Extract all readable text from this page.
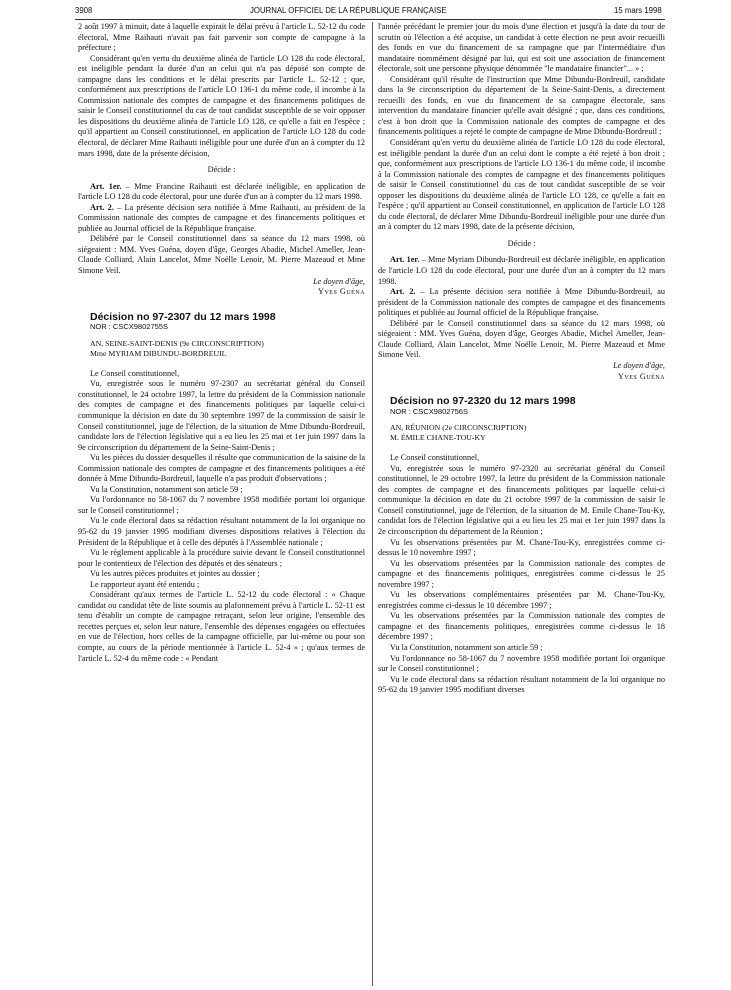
3908	JOURNAL OFFICIEL DE LA RÉPUBLIQUE FRANÇAISE	15 mars 1998

2 août 1997 à minuit, date à laquelle expirait le délai prévu à l'article L. 52-12 du code électoral, Mme Raihauti n'avait pas fait parvenir son compte de campagne à la préfecture ;

Considérant qu'en vertu du deuxième alinéa de l'article LO 128 du code électoral, est inéligible pendant la durée d'un an celui qui n'a pas déposé son compte de campagne dans les conditions et le délai prescrits par l'article L. 52-12 ; que, conformément aux prescriptions de l'article LO 136-1 du même code, il incombe à la Commission nationale des comptes de campagne et des financements politiques de saisir le Conseil constitutionnel du cas de tout candidat susceptible de se voir opposer les dispositions du deuxième alinéa de l'article LO 128, ce qu'elle a fait en l'espèce ; qu'il appartient au Conseil constitutionnel, en application de l'article LO 128 du code électoral, de déclarer Mme Raihauti inéligible pour une durée d'un an à compter du 12 mars 1998, date de la présente décision,

Décide :

Art. 1er. – Mme Francine Raihauti est déclarée inéligible, en application de l'article LO 128 du code électoral, pour une durée d'un an à compter du 12 mars 1998.

Art. 2. – La présente décision sera notifiée à Mme Raihauti, au président de la Commission nationale des comptes de campagne et des financements politiques et publiée au Journal officiel de la République française.

Délibéré par le Conseil constitutionnel dans sa séance du 12 mars 1998, où siégeaient : MM. Yves Guéna, doyen d'âge, Georges Abadie, Michel Ameller, Jean-Claude Colliard, Alain Lancelot, Mme Noëlle Lenoir, M. Pierre Mazeaud et Mme Simone Veil.

Le doyen d'âge,

Yves Guéna

Décision no 97-2307 du 12 mars 1998

NOR : CSCX9802755S

AN, SEINE-SAINT-DENIS (9e CIRCONSCRIPTION)

Mme MYRIAM DIBUNDU-BORDREUIL

Le Conseil constitutionnel,

Vu, enregistrée sous le numéro 97-2307 au secrétariat général du Conseil constitutionnel, le 24 octobre 1997, la lettre du président de la Commission nationale des comptes de campagne et des financements politiques par laquelle celui-ci communique la décision en date du 30 septembre 1997 de la commission de saisir le Conseil constitutionnel, juge de l'élection, de la situation de Mme Dibundu-Bordreuil, candidate lors de l'élection législative qui a eu lieu les 25 mai et 1er juin 1997 dans la 9e circonscription du département de la Seine-Saint-Denis ;

Vu les pièces du dossier desquelles il résulte que communication de la saisine de la Commission nationale des comptes de campagne et des financements politiques a été donnée à Mme Dibundu-Bordreuil, laquelle n'a pas produit d'observations ;

Vu la Constitution, notamment son article 59 ;

Vu l'ordonnance no 58-1067 du 7 novembre 1958 modifiée portant loi organique sur le Conseil constitutionnel ;

Vu le code électoral dans sa rédaction résultant notamment de la loi organique no 95-62 du 19 janvier 1995 modifiant diverses dispositions relatives à l'élection du Président de la République et à celle des députés à l'Assemblée nationale ;

Vu le règlement applicable à la procédure suivie devant le Conseil constitutionnel pour le contentieux de l'élection des députés et des sénateurs ;

Vu les autres pièces produites et jointes au dossier ;

Le rapporteur ayant été entendu ;

Considérant qu'aux termes de l'article L. 52-12 du code électoral : « Chaque candidat ou candidat tête de liste soumis au plafonnement prévu à l'article L. 52-11 est tenu d'établir un compte de campagne retraçant, selon leur origine, l'ensemble des recettes perçues et, selon leur nature, l'ensemble des dépenses engagées ou effectuées en vue de l'élection, hors celles de la campagne officielle, par lui-même ou pour son compte, au cours de la période mentionnée à l'article L. 52-4 » ; qu'aux termes de l'article L. 52-4 du même code : « Pendant

l'année précédant le premier jour du mois d'une élection et jusqu'à la date du tour de scrutin où l'élection a été acquise, un candidat à cette élection ne peut avoir recueilli des fonds en vue du financement de sa campagne que par l'intermédiaire d'un mandataire nommément désigné par lui, qui est soit une association de financement électorale, soit une personne physique dénommée "le mandataire financier"... » ;

Considérant qu'il résulte de l'instruction que Mme Dibundu-Bordreuil, candidate dans la 9e circonscription du département de la Seine-Saint-Denis, a directement recueilli des fonds, en vue du financement de sa campagne électorale, sans intervention du mandataire financier qu'elle avait désigné ; que, dans ces conditions, c'est à bon droit que la Commission nationale des comptes de campagne et des financements politiques a rejeté le compte de campagne de Mme Dibundu-Bordreuil ;

Considérant qu'en vertu du deuxième alinéa de l'article LO 128 du code électoral, est inéligible pendant la durée d'un an celui dont le compte a été rejeté à bon droit ; que, conformément aux prescriptions de l'article LO 136-1 du même code, il incombe à la Commission nationale des comptes de campagne et des financements politiques de saisir le Conseil constitutionnel du cas de tout candidat susceptible de se voir opposer les dispositions du deuxième alinéa de l'article LO 128, ce qu'elle a fait en l'espèce ; qu'il appartient au Conseil constitutionnel, en application de l'article LO 128 du code électoral, de déclarer Mme Dibundu-Bordreuil inéligible pour une durée d'un an à compter du 12 mars 1998, date de la présente décision,

Décide :

Art. 1er. – Mme Myriam Dibundu-Bordreuil est déclarée inéligible, en application de l'article LO 128 du code électoral, pour une durée d'un an à compter du 12 mars 1998.

Art. 2. – La présente décision sera notifiée à Mme Dibundu-Bordreuil, au président de la Commission nationale des comptes de campagne et des financements politiques et publiée au Journal officiel de la République française.

Délibéré par le Conseil constitutionnel dans sa séance du 12 mars 1998, où siégeaient : MM. Yves Guéna, doyen d'âge, Georges Abadie, Michel Ameller, Jean-Claude Colliard, Alain Lancelot, Mme Noëlle Lenoir, M. Pierre Mazeaud et Mme Simone Veil.

Le doyen d'âge,

Yves Guéna

Décision no 97-2320 du 12 mars 1998

NOR : CSCX9802756S

AN, RÉUNION (2e CIRCONSCRIPTION)

M. ÉMILE CHANE-TOU-KY

Le Conseil constitutionnel,

Vu, enregistrée sous le numéro 97-2320 au secrétariat général du Conseil constitutionnel, le 29 octobre 1997, la lettre du président de la Commission nationale des comptes de campagne et des financements politiques par laquelle celui-ci communique la décision en date du 21 octobre 1997 de la commission de saisir le Conseil constitutionnel, juge de l'élection, de la situation de M. Emile Chane-Tou-Ky, candidat lors de l'élection législative qui a eu lieu les 25 mai et 1er juin 1997 dans la 2e circonscription du département de la Réunion ;

Vu les observations présentées par M. Chane-Tou-Ky, enregistrées comme ci-dessus le 10 novembre 1997 ;

Vu les observations présentées par la Commission nationale des comptes de campagne et des financements politiques, enregistrées comme ci-dessus le 25 novembre 1997 ;

Vu les observations complémentaires présentées par M. Chane-Tou-Ky, enregistrées comme ci-dessus le 10 décembre 1997 ;

Vu les observations présentées par la Commission nationale des comptes de campagne et des financements politiques, enregistrées comme ci-dessus le 18 décembre 1997 ;

Vu la Constitution, notamment son article 59 ;

Vu l'ordonnance no 58-1067 du 7 novembre 1958 modifiée portant loi organique sur le Conseil constitutionnel ;

Vu le code électoral dans sa rédaction résultant notamment de la loi organique no 95-62 du 19 janvier 1995 modifiant diverses
